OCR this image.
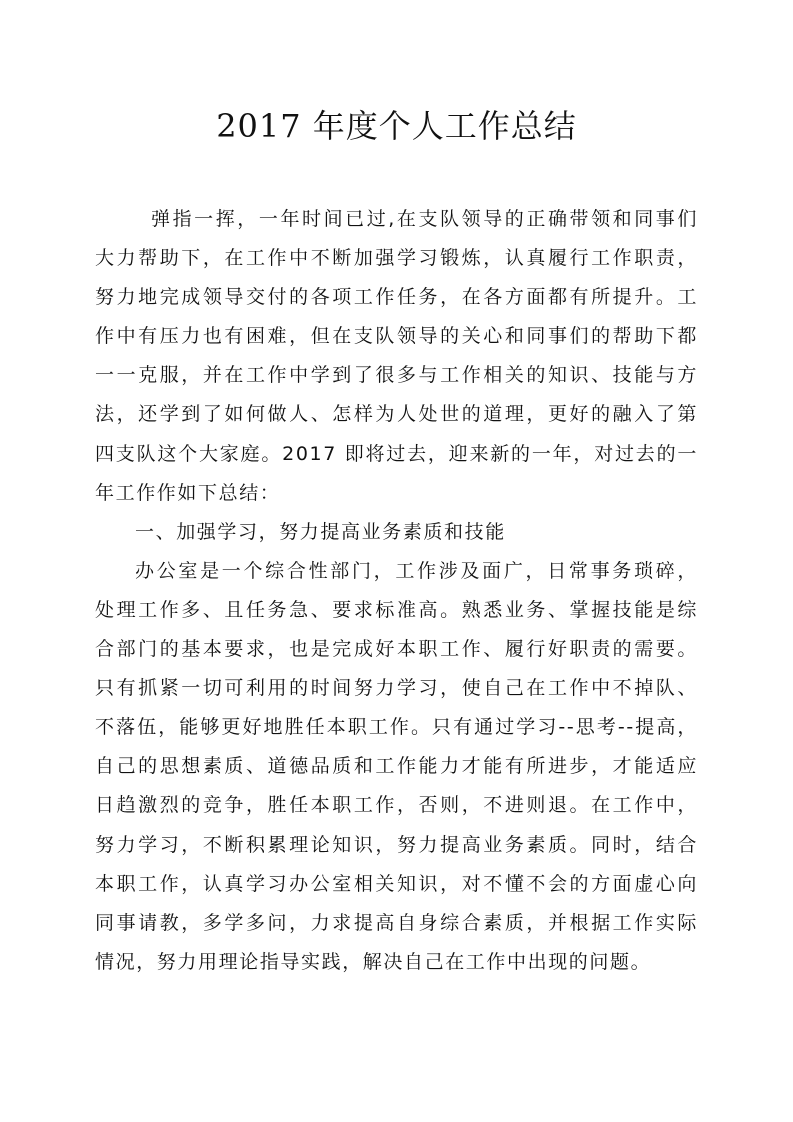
2017 年度个人工作总结
弹指一挥，一年时间已过,在支队领导的正确带领和同事们
大力帮助下，在工作中不断加强学习锻炼，认真履行工作职责，
努力地完成领导交付的各项工作任务，在各方面都有所提升。工
作中有压力也有困难，但在支队领导的关心和同事们的帮助下都
一一克服，并在工作中学到了很多与工作相关的知识、技能与方
法，还学到了如何做人、怎样为人处世的道理，更好的融入了第
四支队这个大家庭。2017 即将过去，迎来新的一年，对过去的一
年工作作如下总结：
一、加强学习，努力提高业务素质和技能
办公室是一个综合性部门，工作涉及面广，日常事务琐碎，
处理工作多、且任务急、要求标准高。熟悉业务、掌握技能是综
合部门的基本要求，也是完成好本职工作、履行好职责的需要。
只有抓紧一切可利用的时间努力学习，使自己在工作中不掉队、
不落伍，能够更好地胜任本职工作。只有通过学习--思考--提高，
自己的思想素质、道德品质和工作能力才能有所进步，才能适应
日趋激烈的竞争，胜任本职工作，否则，不进则退。在工作中，
努力学习，不断积累理论知识，努力提高业务素质。同时，结合
本职工作，认真学习办公室相关知识，对不懂不会的方面虚心向
同事请教，多学多问，力求提高自身综合素质，并根据工作实际
情况，努力用理论指导实践，解决自己在工作中出现的问题。
